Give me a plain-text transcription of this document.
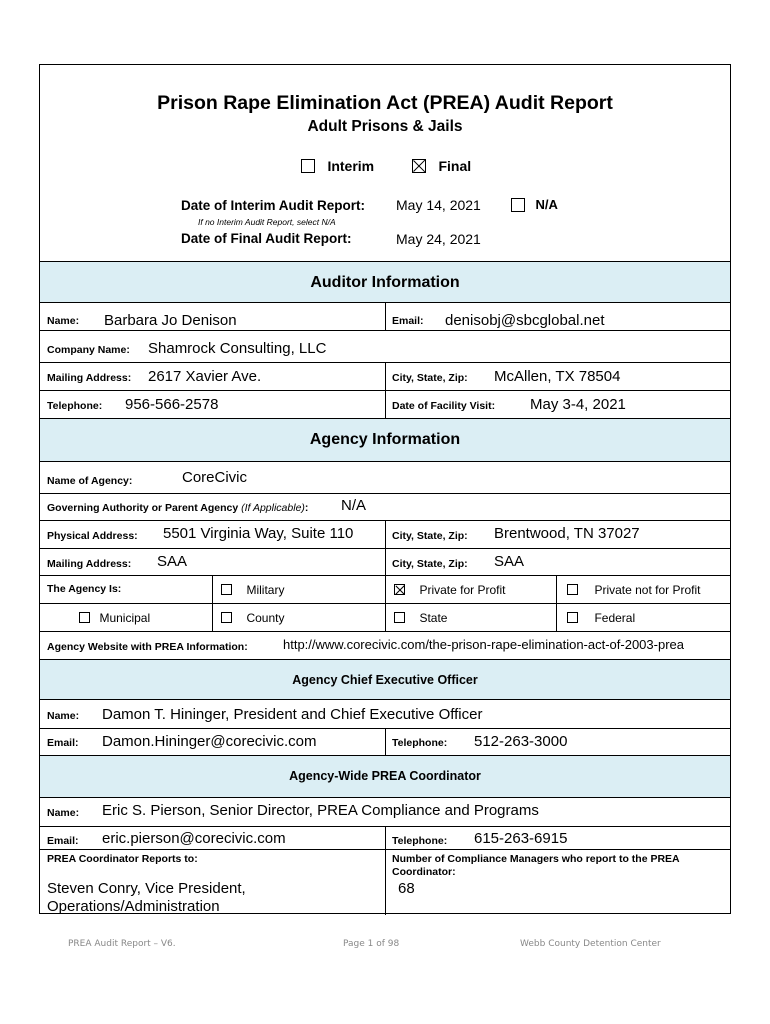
Prison Rape Elimination Act (PREA) Audit Report
Adult Prisons & Jails
Interim	Final
Date of Interim Audit Report: May 14, 2021	N/A
If no Interim Audit Report, select N/A
Date of Final Audit Report:	May 24, 2021
Auditor Information
Name: Barbara Jo Denison	Email: denisobj@sbcglobal.net
Company Name: Shamrock Consulting, LLC
Mailing Address: 2617 Xavier Ave.	City, State, Zip: McAllen, TX 78504
Telephone: 956-566-2578	Date of Facility Visit: May 3-4, 2021
Agency Information
Name of Agency:	CoreCivic
Governing Authority or Parent Agency (If Applicable): N/A
Physical Address: 5501 Virginia Way, Suite 110	City, State, Zip: Brentwood, TN 37027
Mailing Address: SAA	City, State, Zip: SAA
The Agency Is:	Military	Private for Profit	Private not for Profit
Municipal	County	State	Federal
Agency Website with PREA Information:	http://www.corecivic.com/the-prison-rape-elimination-act-of-2003-prea
Agency Chief Executive Officer
Name: Damon T. Hininger, President and Chief Executive Officer
Email: Damon.Hininger@corecivic.com	Telephone: 512-263-3000
Agency-Wide PREA Coordinator
Name: Eric S. Pierson, Senior Director, PREA Compliance and Programs
Email: eric.pierson@corecivic.com	Telephone: 615-263-6915
PREA Coordinator Reports to:
Steven Conry, Vice President,
Operations/Administration
Number of Compliance Managers who report to the PREA
Coordinator:
68
PREA Audit Report – V6.	Page 1 of 98	Webb County Detention Center
